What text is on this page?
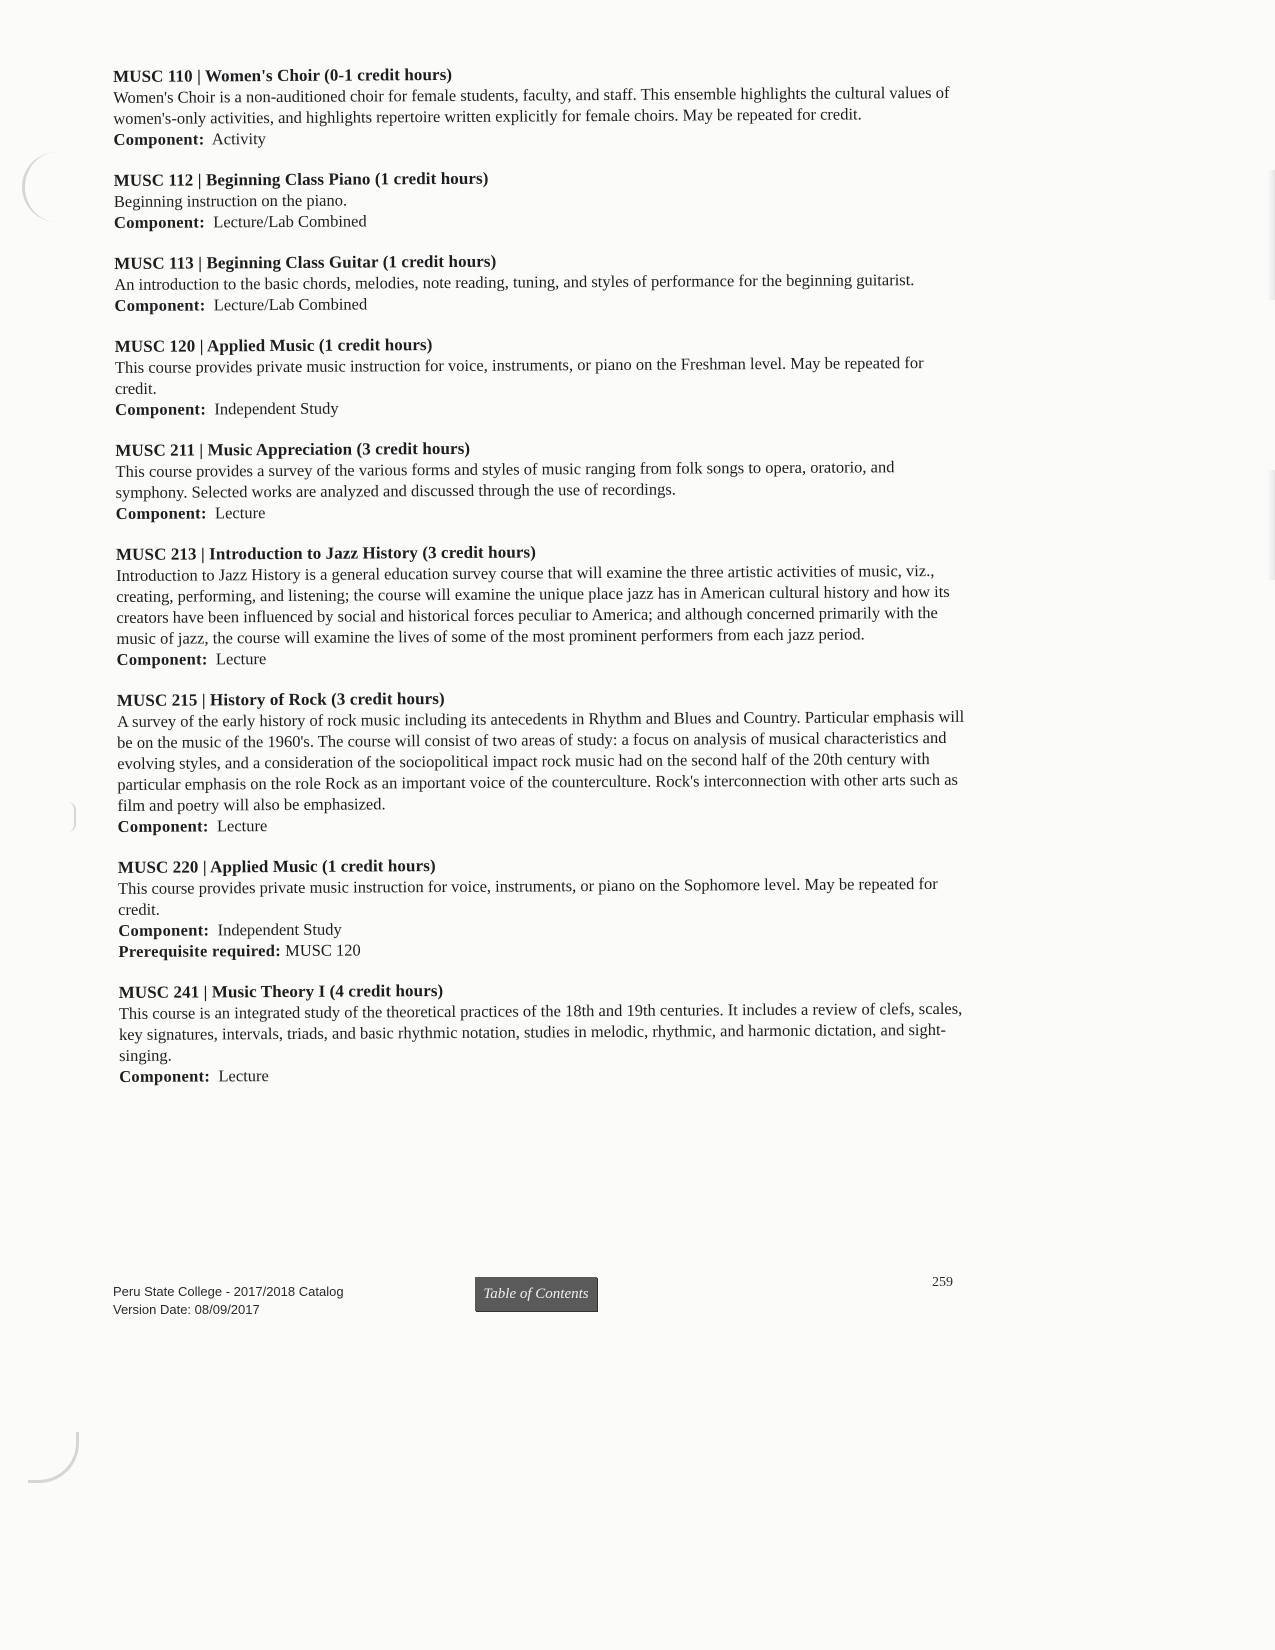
MUSC 110 | Women's Choir (0-1 credit hours)
Women's Choir is a non-auditioned choir for female students, faculty, and staff. This ensemble highlights the cultural values of women's-only activities, and highlights repertoire written explicitly for female choirs. May be repeated for credit.
Component: Activity
MUSC 112 | Beginning Class Piano (1 credit hours)
Beginning instruction on the piano.
Component: Lecture/Lab Combined
MUSC 113 | Beginning Class Guitar (1 credit hours)
An introduction to the basic chords, melodies, note reading, tuning, and styles of performance for the beginning guitarist.
Component: Lecture/Lab Combined
MUSC 120 | Applied Music (1 credit hours)
This course provides private music instruction for voice, instruments, or piano on the Freshman level. May be repeated for credit.
Component: Independent Study
MUSC 211 | Music Appreciation (3 credit hours)
This course provides a survey of the various forms and styles of music ranging from folk songs to opera, oratorio, and symphony. Selected works are analyzed and discussed through the use of recordings.
Component: Lecture
MUSC 213 | Introduction to Jazz History (3 credit hours)
Introduction to Jazz History is a general education survey course that will examine the three artistic activities of music, viz., creating, performing, and listening; the course will examine the unique place jazz has in American cultural history and how its creators have been influenced by social and historical forces peculiar to America; and although concerned primarily with the music of jazz, the course will examine the lives of some of the most prominent performers from each jazz period.
Component: Lecture
MUSC 215 | History of Rock (3 credit hours)
A survey of the early history of rock music including its antecedents in Rhythm and Blues and Country. Particular emphasis will be on the music of the 1960's. The course will consist of two areas of study: a focus on analysis of musical characteristics and evolving styles, and a consideration of the sociopolitical impact rock music had on the second half of the 20th century with particular emphasis on the role Rock as an important voice of the counterculture. Rock's interconnection with other arts such as film and poetry will also be emphasized.
Component: Lecture
MUSC 220 | Applied Music (1 credit hours)
This course provides private music instruction for voice, instruments, or piano on the Sophomore level. May be repeated for credit.
Component: Independent Study
Prerequisite required: MUSC 120
MUSC 241 | Music Theory I (4 credit hours)
This course is an integrated study of the theoretical practices of the 18th and 19th centuries. It includes a review of clefs, scales, key signatures, intervals, triads, and basic rhythmic notation, studies in melodic, rhythmic, and harmonic dictation, and sight-singing.
Component: Lecture
Peru State College - 2017/2018 Catalog
Version Date: 08/09/2017
Table of Contents
259
